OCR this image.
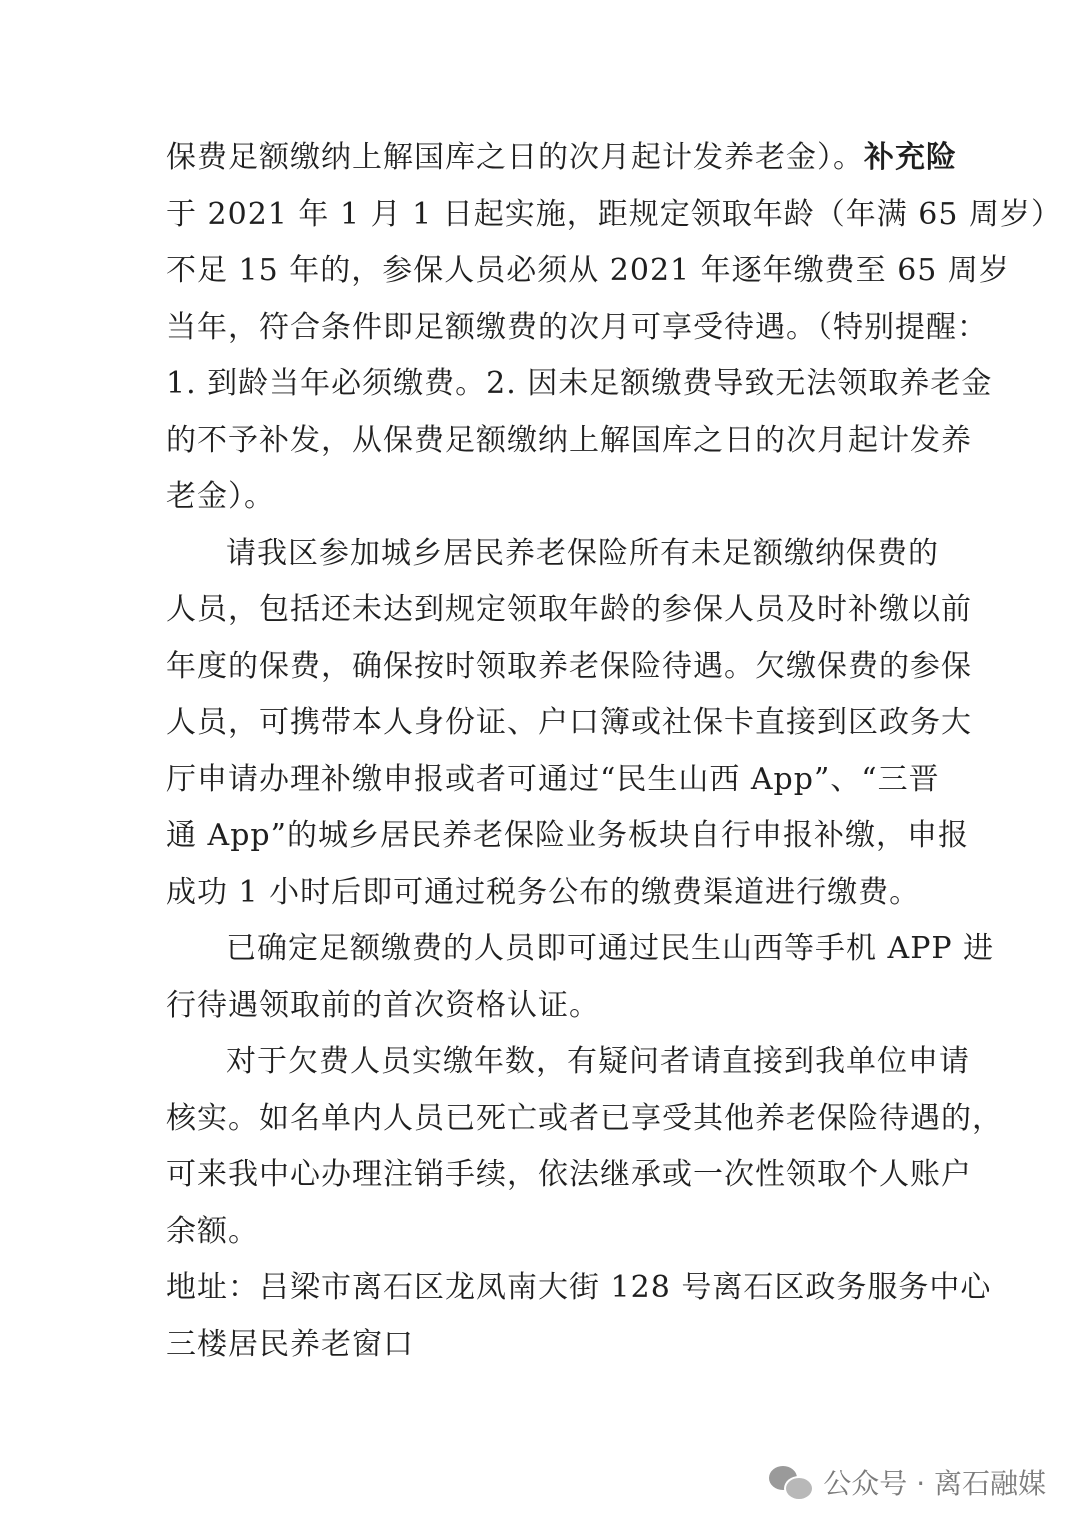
保费足额缴纳上解国库之日的次月起计发养老金）。补充险
于 2021 年 1 月 1 日起实施，距规定领取年龄（年满 65 周岁）
不足 15 年的，参保人员必须从 2021 年逐年缴费至 65 周岁
当年，符合条件即足额缴费的次月可享受待遇。（特别提醒：
1. 到龄当年必须缴费。2. 因未足额缴费导致无法领取养老金
的不予补发，从保费足额缴纳上解国库之日的次月起计发养
老金）。
请我区参加城乡居民养老保险所有未足额缴纳保费的
人员，包括还未达到规定领取年龄的参保人员及时补缴以前
年度的保费，确保按时领取养老保险待遇。欠缴保费的参保
人员，可携带本人身份证、户口簿或社保卡直接到区政务大
厅申请办理补缴申报或者可通过“民生山西 App”、“三晋
通 App”的城乡居民养老保险业务板块自行申报补缴，申报
成功 1 小时后即可通过税务公布的缴费渠道进行缴费。
已确定足额缴费的人员即可通过民生山西等手机 APP 进
行待遇领取前的首次资格认证。
对于欠费人员实缴年数，有疑问者请直接到我单位申请
核实。如名单内人员已死亡或者已享受其他养老保险待遇的，
可来我中心办理注销手续，依法继承或一次性领取个人账户
余额。
地址：吕梁市离石区龙凤南大街 128 号离石区政务服务中心
三楼居民养老窗口
公众号 · 离石融媒
